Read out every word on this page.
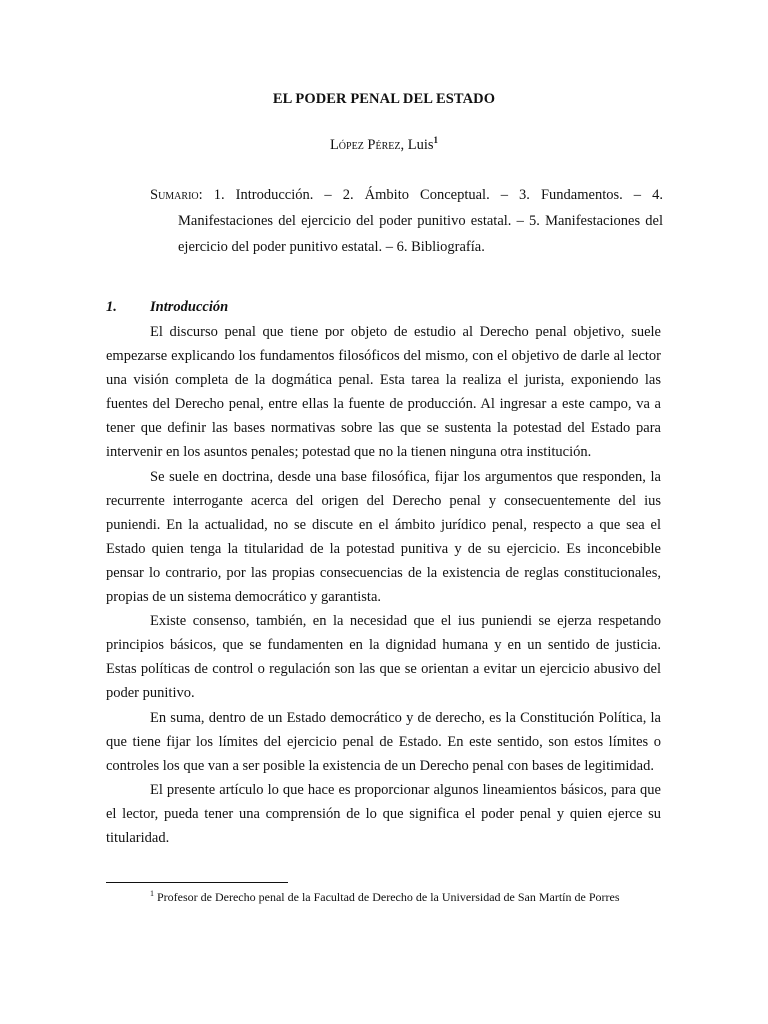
EL PODER PENAL DEL ESTADO
López Pérez, Luis$^1$
Sumario: 1. Introducción. – 2. Ámbito Conceptual. – 3. Fundamentos. – 4. Manifestaciones del ejercicio del poder punitivo estatal. – 5. Manifestaciones del ejercicio del poder punitivo estatal. – 6. Bibliografía.
1. Introducción

El discurso penal que tiene por objeto de estudio al Derecho penal objetivo, suele empezarse explicando los fundamentos filosóficos del mismo, con el objetivo de darle al lector una visión completa de la dogmática penal. Esta tarea la realiza el jurista, exponiendo las fuentes del Derecho penal, entre ellas la fuente de producción. Al ingresar a este campo, va a tener que definir las bases normativas sobre las que se sustenta la potestad del Estado para intervenir en los asuntos penales; potestad que no la tienen ninguna otra institución.

Se suele en doctrina, desde una base filosófica, fijar los argumentos que responden, la recurrente interrogante acerca del origen del Derecho penal y consecuentemente del ius puniendi. En la actualidad, no se discute en el ámbito jurídico penal, respecto a que sea el Estado quien tenga la titularidad de la potestad punitiva y de su ejercicio. Es inconcebible pensar lo contrario, por las propias consecuencias de la existencia de reglas constitucionales, propias de un sistema democrático y garantista.

Existe consenso, también, en la necesidad que el ius puniendi se ejerza respetando principios básicos, que se fundamenten en la dignidad humana y en un sentido de justicia. Estas políticas de control o regulación son las que se orientan a evitar un ejercicio abusivo del poder punitivo.

En suma, dentro de un Estado democrático y de derecho, es la Constitución Política, la que tiene fijar los límites del ejercicio penal de Estado. En este sentido, son estos límites o controles los que van a ser posible la existencia de un Derecho penal con bases de legitimidad.

El presente artículo lo que hace es proporcionar algunos lineamientos básicos, para que el lector, pueda tener una comprensión de lo que significa el poder penal y quien ejerce su titularidad.

$^1$ Profesor de Derecho penal de la Facultad de Derecho de la Universidad de San Martín de Porres
